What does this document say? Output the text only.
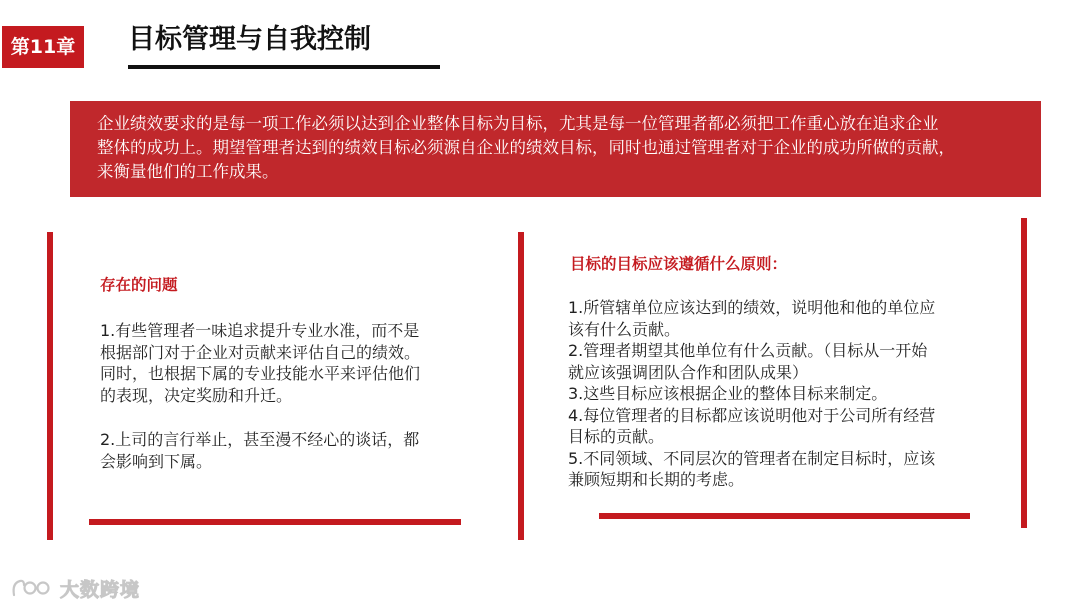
第11章	目标管理与自我控制

企业绩效要求的是每一项工作必须以达到企业整体目标为目标，尤其是每一位管理者都必须把工作重心放在追求企业
整体的成功上。期望管理者达到的绩效目标必须源自企业的绩效目标，同时也通过管理者对于企业的成功所做的贡献，
来衡量他们的工作成果。

存在的问题

1.有些管理者一味追求提升专业水准，而不是
根据部门对于企业对贡献来评估自己的绩效。
同时，也根据下属的专业技能水平来评估他们
的表现，决定奖励和升迁。

2.上司的言行举止，甚至漫不经心的谈话，都
会影响到下属。

目标的目标应该遵循什么原则：

1.所管辖单位应该达到的绩效，说明他和他的单位应
该有什么贡献。
2.管理者期望其他单位有什么贡献。（目标从一开始
就应该强调团队合作和团队成果）
3.这些目标应该根据企业的整体目标来制定。
4.每位管理者的目标都应该说明他对于公司所有经营
目标的贡献。
5.不同领域、不同层次的管理者在制定目标时，应该
兼顾短期和长期的考虑。

大数跨境
